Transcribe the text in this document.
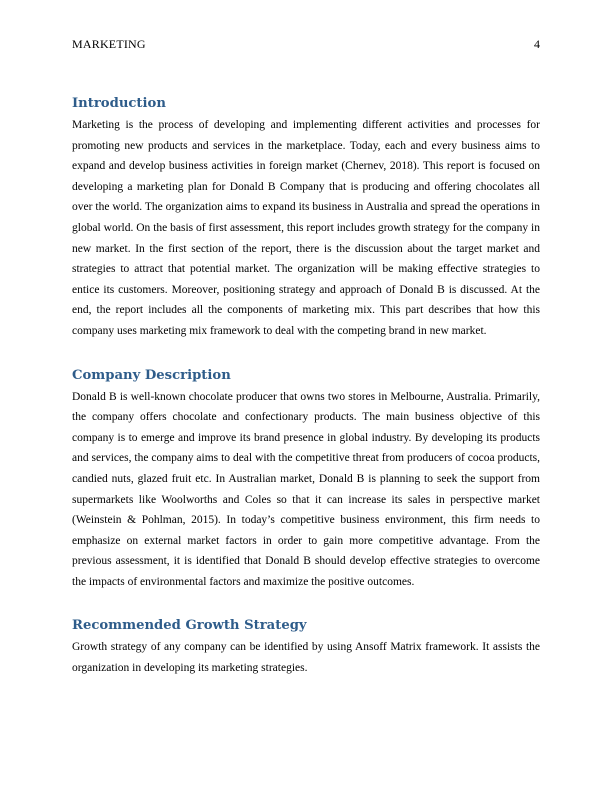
MARKETING	4
Introduction

Marketing is the process of developing and implementing different activities and processes for promoting new products and services in the marketplace. Today, each and every business aims to expand and develop business activities in foreign market (Chernev, 2018). This report is focused on developing a marketing plan for Donald B Company that is producing and offering chocolates all over the world. The organization aims to expand its business in Australia and spread the operations in global world. On the basis of first assessment, this report includes growth strategy for the company in new market. In the first section of the report, there is the discussion about the target market and strategies to attract that potential market. The organization will be making effective strategies to entice its customers. Moreover, positioning strategy and approach of Donald B is discussed. At the end, the report includes all the components of marketing mix. This part describes that how this company uses marketing mix framework to deal with the competing brand in new market.

Company Description

Donald B is well-known chocolate producer that owns two stores in Melbourne, Australia. Primarily, the company offers chocolate and confectionary products. The main business objective of this company is to emerge and improve its brand presence in global industry. By developing its products and services, the company aims to deal with the competitive threat from producers of cocoa products, candied nuts, glazed fruit etc. In Australian market, Donald B is planning to seek the support from supermarkets like Woolworths and Coles so that it can increase its sales in perspective market (Weinstein & Pohlman, 2015). In today’s competitive business environment, this firm needs to emphasize on external market factors in order to gain more competitive advantage. From the previous assessment, it is identified that Donald B should develop effective strategies to overcome the impacts of environmental factors and maximize the positive outcomes.

Recommended Growth Strategy

Growth strategy of any company can be identified by using Ansoff Matrix framework. It assists the organization in developing its marketing strategies.
